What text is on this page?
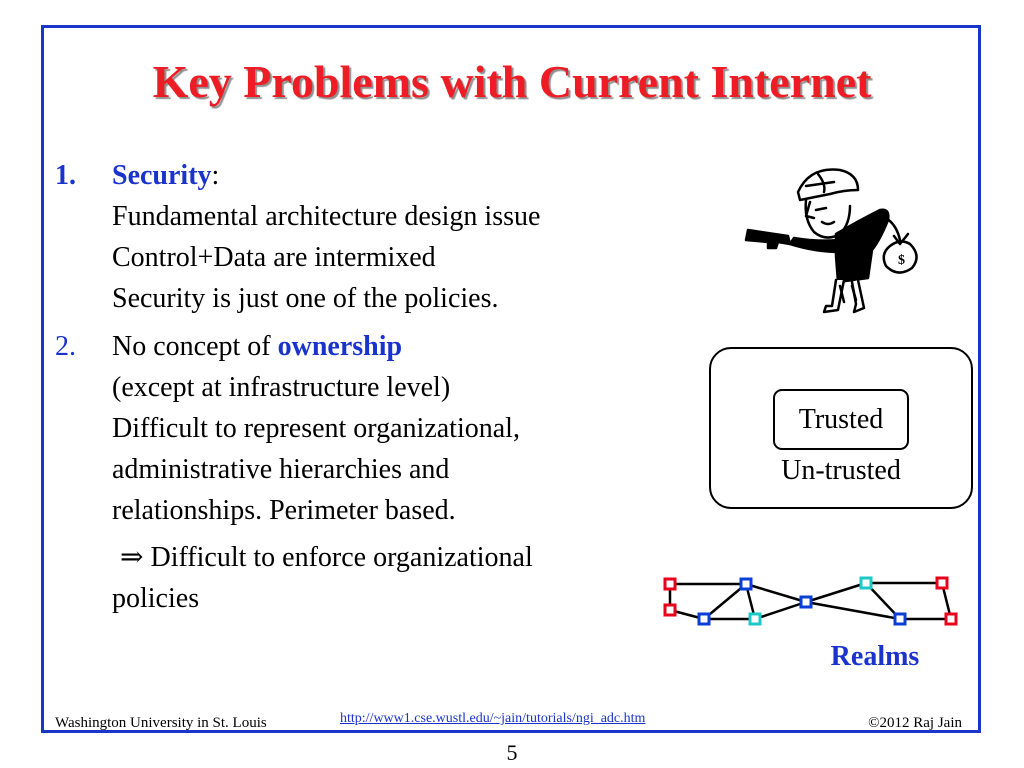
Key Problems with Current Internet
1. Security:
Fundamental architecture design issue
Control+Data are intermixed
Security is just one of the policies.
2. No concept of ownership
(except at infrastructure level)
Difficult to represent organizational,
administrative hierarchies and
relationships. Perimeter based.
⇒ Difficult to enforce organizational
policies
$
Trusted
Un-trusted
Realms
Washington University in St. Louis	http://www1.cse.wustl.edu/~jain/tutorials/ngi_adc.htm	©2012 Raj Jain
5
